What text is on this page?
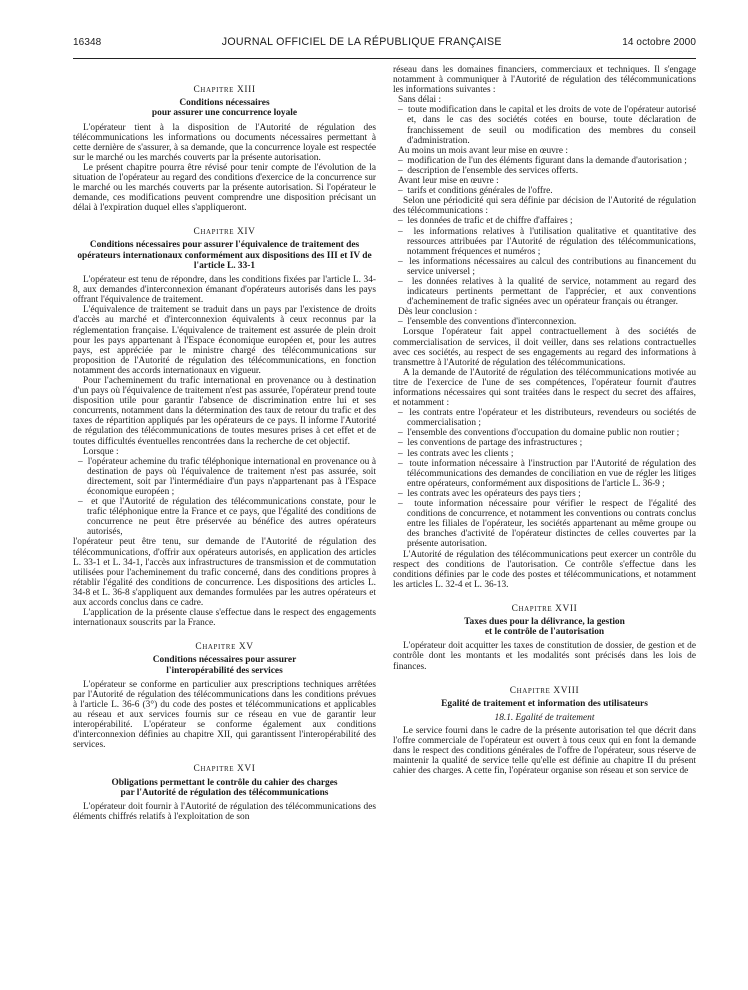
16348	JOURNAL OFFICIEL DE LA RÉPUBLIQUE FRANÇAISE	14 octobre 2000
Chapitre XIII
Conditions nécessaires
pour assurer une concurrence loyale

L'opérateur tient à la disposition de l'Autorité de régulation des télécommunications les informations ou documents nécessaires permettant à cette dernière de s'assurer, à sa demande, que la concurrence loyale est respectée sur le marché ou les marchés couverts par la présente autorisation.

Le présent chapitre pourra être révisé pour tenir compte de l'évolution de la situation de l'opérateur au regard des conditions d'exercice de la concurrence sur le marché ou les marchés couverts par la présente autorisation. Si l'opérateur le demande, ces modifications peuvent comprendre une disposition précisant un délai à l'expiration duquel elles s'appliqueront.

Chapitre XIV
Conditions nécessaires pour assurer l'équivalence de traitement des opérateurs internationaux conformément aux dispositions des III et IV de l'article L. 33-1

L'opérateur est tenu de répondre, dans les conditions fixées par l'article L. 34-8, aux demandes d'interconnexion émanant d'opérateurs autorisés dans les pays offrant l'équivalence de traitement.

L'équivalence de traitement se traduit dans un pays par l'existence de droits d'accès au marché et d'interconnexion équivalents à ceux reconnus par la réglementation française. L'équivalence de traitement est assurée de plein droit pour les pays appartenant à l'Espace économique européen et, pour les autres pays, est appréciée par le ministre chargé des télécommunications sur proposition de l'Autorité de régulation des télécommunications, en fonction notamment des accords internationaux en vigueur.

Pour l'acheminement du trafic international en provenance ou à destination d'un pays où l'équivalence de traitement n'est pas assurée, l'opérateur prend toute disposition utile pour garantir l'absence de discrimination entre lui et ses concurrents, notamment dans la détermination des taux de retour du trafic et des taxes de répartition appliqués par les opérateurs de ce pays. Il informe l'Autorité de régulation des télécommunications de toutes mesures prises à cet effet et de toutes difficultés éventuelles rencontrées dans la recherche de cet objectif.

Lorsque :

–  l'opérateur achemine du trafic téléphonique international en provenance ou à destination de pays où l'équivalence de traitement n'est pas assurée, soit directement, soit par l'intermédiaire d'un pays n'appartenant pas à l'Espace économique européen ;
–  et que l'Autorité de régulation des télécommunications constate, pour le trafic téléphonique entre la France et ce pays, que l'égalité des conditions de concurrence ne peut être préservée au bénéfice des autres opérateurs autorisés,

l'opérateur peut être tenu, sur demande de l'Autorité de régulation des télécommunications, d'offrir aux opérateurs autorisés, en application des articles L. 33-1 et L. 34-1, l'accès aux infrastructures de transmission et de commutation utilisées pour l'acheminement du trafic concerné, dans des conditions propres à rétablir l'égalité des conditions de concurrence. Les dispositions des articles L. 34-8 et L. 36-8 s'appliquent aux demandes formulées par les autres opérateurs et aux accords conclus dans ce cadre.

L'application de la présente clause s'effectue dans le respect des engagements internationaux souscrits par la France.

Chapitre XV
Conditions nécessaires pour assurer
l'interopérabilité des services

L'opérateur se conforme en particulier aux prescriptions techniques arrêtées par l'Autorité de régulation des télécommunications dans les conditions prévues à l'article L. 36-6 (3°) du code des postes et télécommunications et applicables au réseau et aux services fournis sur ce réseau en vue de garantir leur interopérabilité. L'opérateur se conforme également aux conditions d'interconnexion définies au chapitre XII, qui garantissent l'interopérabilité des services.

Chapitre XVI
Obligations permettant le contrôle du cahier des charges
par l'Autorité de régulation des télécommunications

L'opérateur doit fournir à l'Autorité de régulation des télécommunications des éléments chiffrés relatifs à l'exploitation de son

réseau dans les domaines financiers, commerciaux et techniques. Il s'engage notamment à communiquer à l'Autorité de régulation des télécommunications les informations suivantes :

Sans délai :

–  toute modification dans le capital et les droits de vote de l'opérateur autorisé et, dans le cas des sociétés cotées en bourse, toute déclaration de franchissement de seuil ou modification des membres du conseil d'administration.

Au moins un mois avant leur mise en œuvre :

–  modification de l'un des éléments figurant dans la demande d'autorisation ;
–  description de l'ensemble des services offerts.

Avant leur mise en œuvre :

–  tarifs et conditions générales de l'offre.

Selon une périodicité qui sera définie par décision de l'Autorité de régulation des télécommunications :

–  les données de trafic et de chiffre d'affaires ;
–  les informations relatives à l'utilisation qualitative et quantitative des ressources attribuées par l'Autorité de régulation des télécommunications, notamment fréquences et numéros ;
–  les informations nécessaires au calcul des contributions au financement du service universel ;
–  les données relatives à la qualité de service, notamment au regard des indicateurs pertinents permettant de l'apprécier, et aux conventions d'acheminement de trafic signées avec un opérateur français ou étranger.

Dès leur conclusion :

–  l'ensemble des conventions d'interconnexion.

Lorsque l'opérateur fait appel contractuellement à des sociétés de commercialisation de services, il doit veiller, dans ses relations contractuelles avec ces sociétés, au respect de ses engagements au regard des informations à transmettre à l'Autorité de régulation des télécommunications.

A la demande de l'Autorité de régulation des télécommunications motivée au titre de l'exercice de l'une de ses compétences, l'opérateur fournit d'autres informations nécessaires qui sont traitées dans le respect du secret des affaires, et notamment :

–  les contrats entre l'opérateur et les distributeurs, revendeurs ou sociétés de commercialisation ;
–  l'ensemble des conventions d'occupation du domaine public non routier ;
–  les conventions de partage des infrastructures ;
–  les contrats avec les clients ;
–  toute information nécessaire à l'instruction par l'Autorité de régulation des télécommunications des demandes de conciliation en vue de régler les litiges entre opérateurs, conformément aux dispositions de l'article L. 36-9 ;
–  les contrats avec les opérateurs des pays tiers ;
–  toute information nécessaire pour vérifier le respect de l'égalité des conditions de concurrence, et notamment les conventions ou contrats conclus entre les filiales de l'opérateur, les sociétés appartenant au même groupe ou des branches d'activité de l'opérateur distinctes de celles couvertes par la présente autorisation.

L'Autorité de régulation des télécommunications peut exercer un contrôle du respect des conditions de l'autorisation. Ce contrôle s'effectue dans les conditions définies par le code des postes et télécommunications, et notamment les articles L. 32-4 et L. 36-13.

Chapitre XVII
Taxes dues pour la délivrance, la gestion
et le contrôle de l'autorisation

L'opérateur doit acquitter les taxes de constitution de dossier, de gestion et de contrôle dont les montants et les modalités sont précisés dans les lois de finances.

Chapitre XVIII
Egalité de traitement et information des utilisateurs
18.1. Egalité de traitement

Le service fourni dans le cadre de la présente autorisation tel que décrit dans l'offre commerciale de l'opérateur est ouvert à tous ceux qui en font la demande dans le respect des conditions générales de l'offre de l'opérateur, sous réserve de maintenir la qualité de service telle qu'elle est définie au chapitre II du présent cahier des charges. A cette fin, l'opérateur organise son réseau et son service de
